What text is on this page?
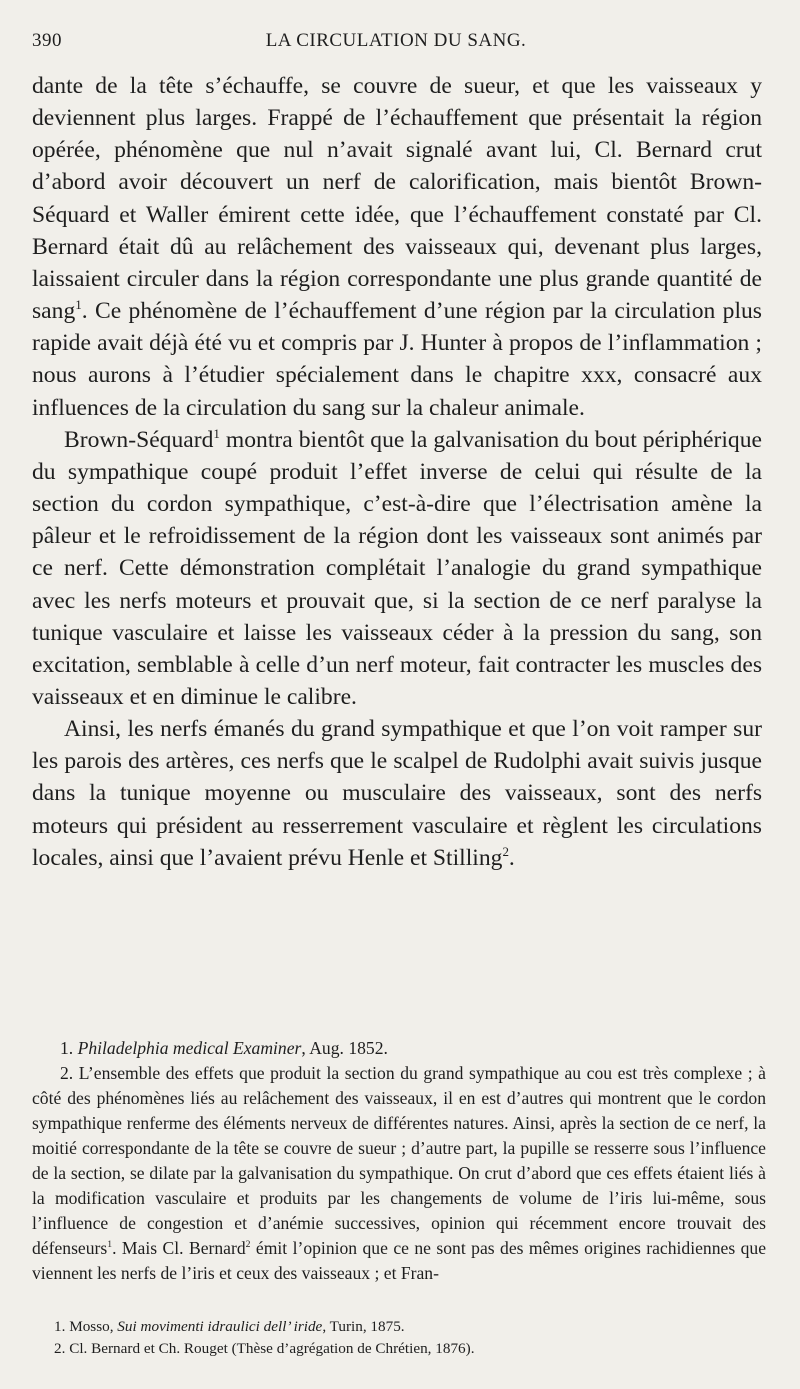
390	LA CIRCULATION DU SANG.

dante de la tête s’échauffe, se couvre de sueur, et que les vaisseaux y deviennent plus larges. Frappé de l’échauffement que présentait la région opérée, phénomène que nul n’avait signalé avant lui, Cl. Bernard crut d’abord avoir découvert un nerf de calorification, mais bientôt Brown-Séquard et Waller émirent cette idée, que l’échauffement constaté par Cl. Bernard était dû au relâchement des vaisseaux qui, devenant plus larges, laissaient circuler dans la région correspondante une plus grande quantité de sang$^1$. Ce phénomène de l’échauffement d’une région par la circulation plus rapide avait déjà été vu et compris par J. Hunter à propos de l’inflammation ; nous aurons à l’étudier spécialement dans le chapitre xxx, consacré aux influences de la circulation du sang sur la chaleur animale.

Brown-Séquard$^1$ montra bientôt que la galvanisation du bout périphérique du sympathique coupé produit l’effet inverse de celui qui résulte de la section du cordon sympathique, c’est-à-dire que l’électrisation amène la pâleur et le refroidissement de la région dont les vaisseaux sont animés par ce nerf. Cette démonstration complétait l’analogie du grand sympathique avec les nerfs moteurs et prouvait que, si la section de ce nerf paralyse la tunique vasculaire et laisse les vaisseaux céder à la pression du sang, son excitation, semblable à celle d’un nerf moteur, fait contracter les muscles des vaisseaux et en diminue le calibre.

Ainsi, les nerfs émanés du grand sympathique et que l’on voit ramper sur les parois des artères, ces nerfs que le scalpel de Rudolphi avait suivis jusque dans la tunique moyenne ou musculaire des vaisseaux, sont des nerfs moteurs qui président au resserrement vasculaire et règlent les circulations locales, ainsi que l’avaient prévu Henle et Stilling$^2$.

1. Philadelphia medical Examiner, Aug. 1852.

2. L’ensemble des effets que produit la section du grand sympathique au cou est très complexe ; à côté des phénomènes liés au relâchement des vaisseaux, il en est d’autres qui montrent que le cordon sympathique renferme des éléments nerveux de différentes natures. Ainsi, après la section de ce nerf, la moitié correspondante de la tête se couvre de sueur ; d’autre part, la pupille se resserre sous l’influence de la section, se dilate par la galvanisation du sympathique. On crut d’abord que ces effets étaient liés à la modification vasculaire et produits par les changements de volume de l’iris lui-même, sous l’influence de congestion et d’anémie successives, opinion qui récemment encore trouvait des défenseurs$^1$. Mais Cl. Bernard$^2$ émit l’opinion que ce ne sont pas des mêmes origines rachidiennes que viennent les nerfs de l’iris et ceux des vaisseaux ; et Fran-

1. Mosso, Sui movimenti idraulici dell’ iride, Turin, 1875.

2. Cl. Bernard et Ch. Rouget (Thèse d’agrégation de Chrétien, 1876).
